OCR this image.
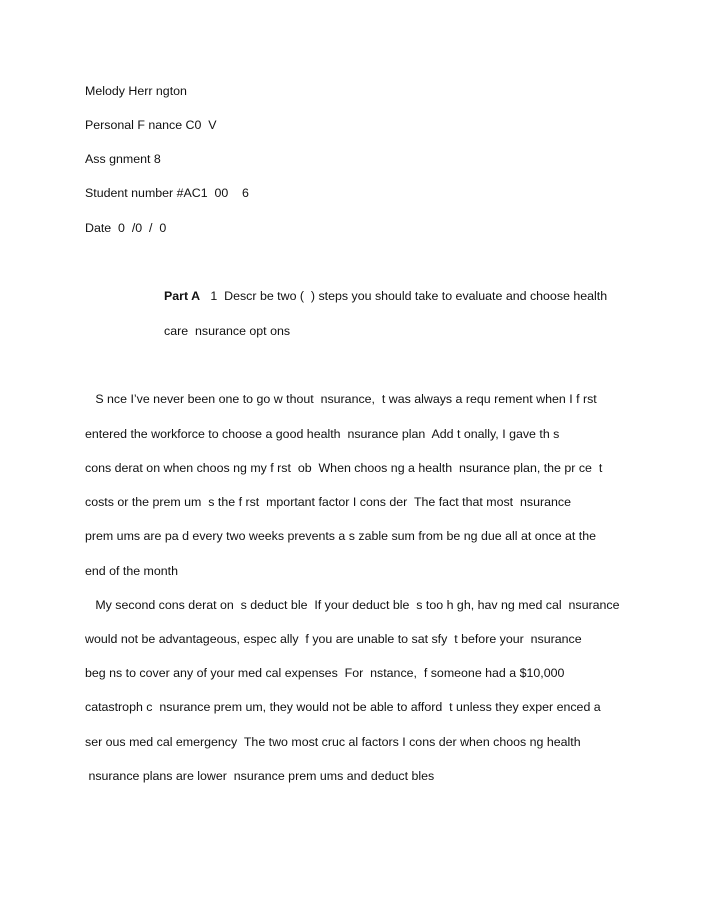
Melody Herr ngton
Personal F nance C0  V
Ass gnment 8
Student number #AC1  00    6
Date  0  /0  /  0
Part A   1  Descr be two (  ) steps you should take to evaluate and choose health
care  nsurance opt ons
S nce I’ve never been one to go w thout  nsurance,  t was always a requ rement when I f rst
entered the workforce to choose a good health  nsurance plan  Add t onally, I gave th s
cons derat on when choos ng my f rst  ob  When choos ng a health  nsurance plan, the pr ce  t
costs or the prem um  s the f rst  mportant factor I cons der  The fact that most  nsurance
prem ums are pa d every two weeks prevents a s zable sum from be ng due all at once at the
end of the month
My second cons derat on  s deduct ble  If your deduct ble  s too h gh, hav ng med cal  nsurance
would not be advantageous, espec ally  f you are unable to sat sfy  t before your  nsurance
beg ns to cover any of your med cal expenses  For  nstance,  f someone had a $10,000
catastroph c  nsurance prem um, they would not be able to afford  t unless they exper enced a
ser ous med cal emergency  The two most cruc al factors I cons der when choos ng health
nsurance plans are lower  nsurance prem ums and deduct bles
